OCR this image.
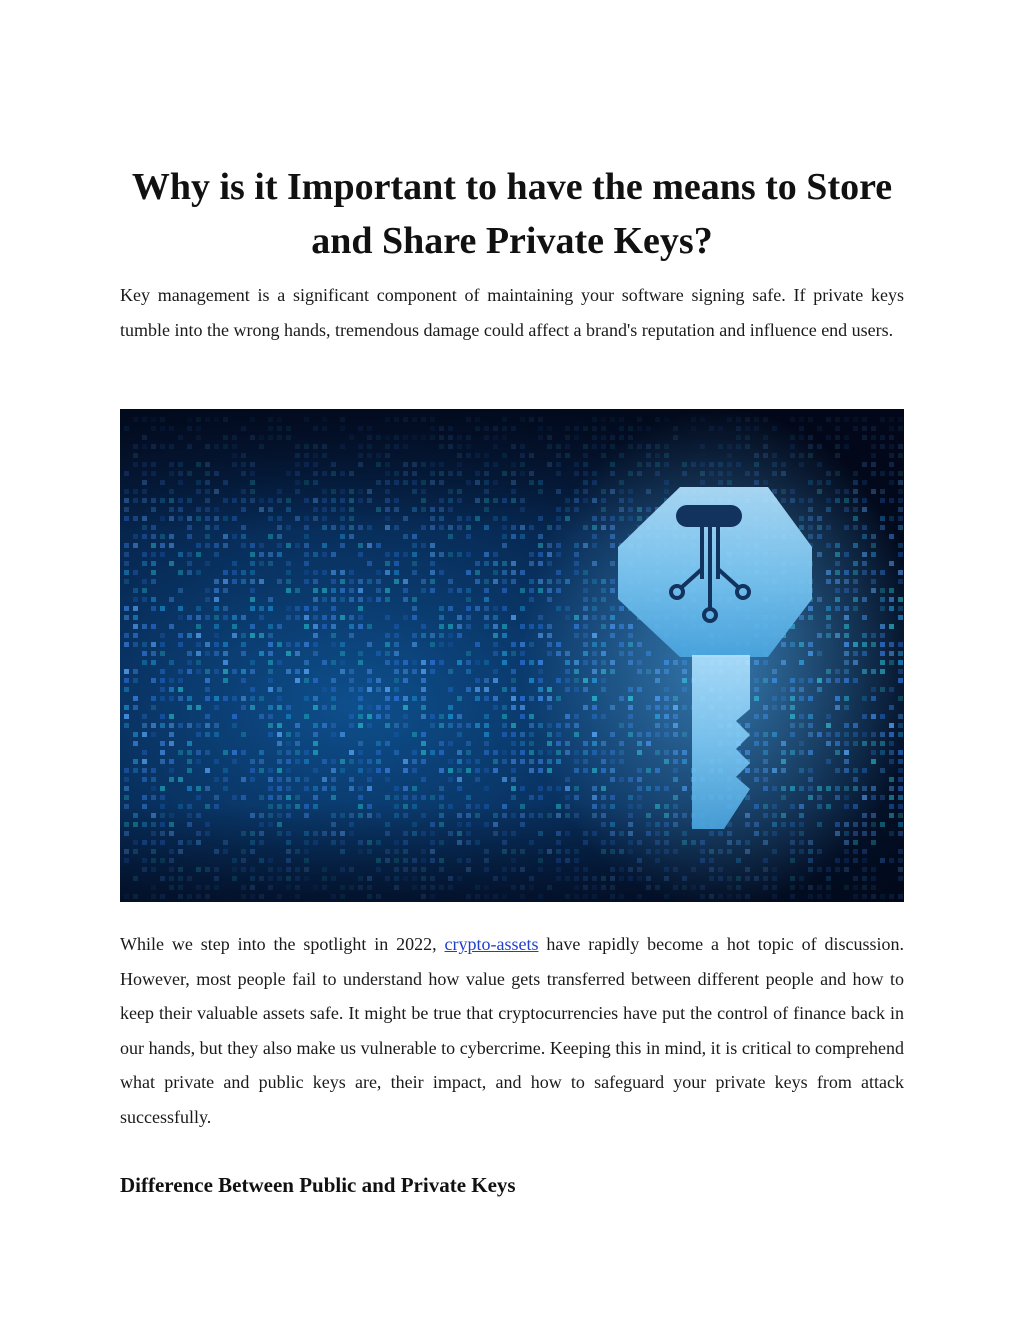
Why is it Important to have the means to Store and Share Private Keys?

Key management is a significant component of maintaining your software signing safe. If private keys tumble into the wrong hands, tremendous damage could affect a brand's reputation and influence end users.

While we step into the spotlight in 2022, crypto-assets have rapidly become a hot topic of discussion. However, most people fail to understand how value gets transferred between different people and how to keep their valuable assets safe. It might be true that cryptocurrencies have put the control of finance back in our hands, but they also make us vulnerable to cybercrime. Keeping this in mind, it is critical to comprehend what private and public keys are, their impact, and how to safeguard your private keys from attack successfully.

Difference Between Public and Private Keys
